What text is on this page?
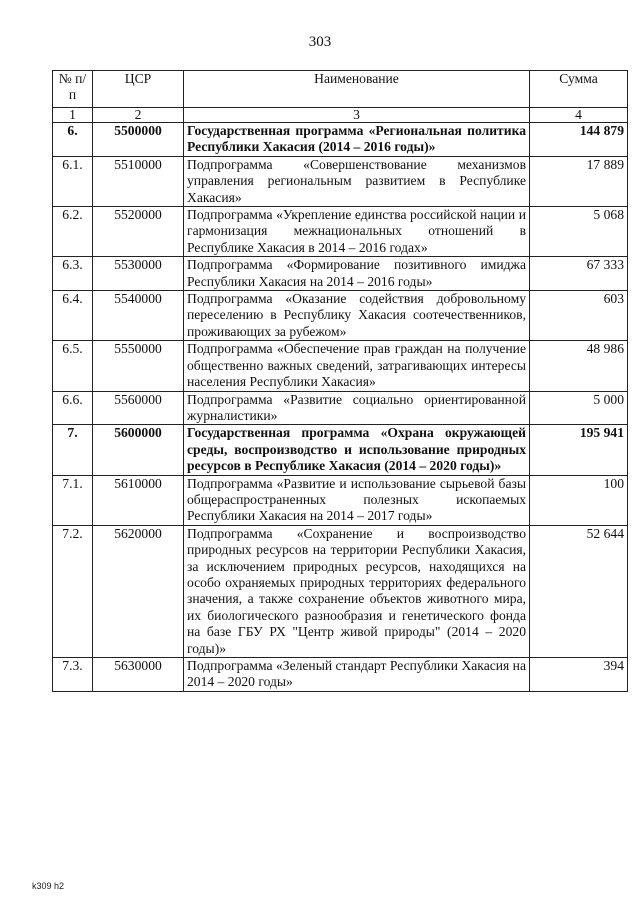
303
№ п/п	ЦСР	Наименование	Сумма
1	2	3	4
6.	5500000	Государственная программа «Региональная политика Республики Хакасия (2014 – 2016 годы)»	144 879
6.1.	5510000	Подпрограмма «Совершенствование механизмов управления региональным развитием в Республике Хакасия»	17 889
6.2.	5520000	Подпрограмма «Укрепление единства российской нации и гармонизация межнациональных отношений в Республике Хакасия в 2014 – 2016 годах»	5 068
6.3.	5530000	Подпрограмма «Формирование позитивного имиджа Республики Хакасия на 2014 – 2016 годы»	67 333
6.4.	5540000	Подпрограмма «Оказание содействия добровольному переселению в Республику Хакасия соотечественников, проживающих за рубежом»	603
6.5.	5550000	Подпрограмма «Обеспечение прав граждан на получение общественно важных сведений, затрагивающих интересы населения Республики Хакасия»	48 986
6.6.	5560000	Подпрограмма «Развитие социально ориентированной журналистики»	5 000
7.	5600000	Государственная программа «Охрана окружающей среды, воспроизводство и использование природных ресурсов в Республике Хакасия (2014 – 2020 годы)»	195 941
7.1.	5610000	Подпрограмма «Развитие и использование сырьевой базы общераспространенных полезных ископаемых Республики Хакасия на 2014 – 2017 годы»	100
7.2.	5620000	Подпрограмма «Сохранение и воспроизводство природных ресурсов на территории Республики Хакасия, за исключением природных ресурсов, находящихся на особо охраняемых природных территориях федерального значения, а также сохранение объектов животного мира, их биологического разнообразия и генетического фонда на базе ГБУ РХ "Центр живой природы" (2014 – 2020 годы)»	52 644
7.3.	5630000	Подпрограмма «Зеленый стандарт Республики Хакасия на 2014 – 2020 годы»	394
k309 h2
